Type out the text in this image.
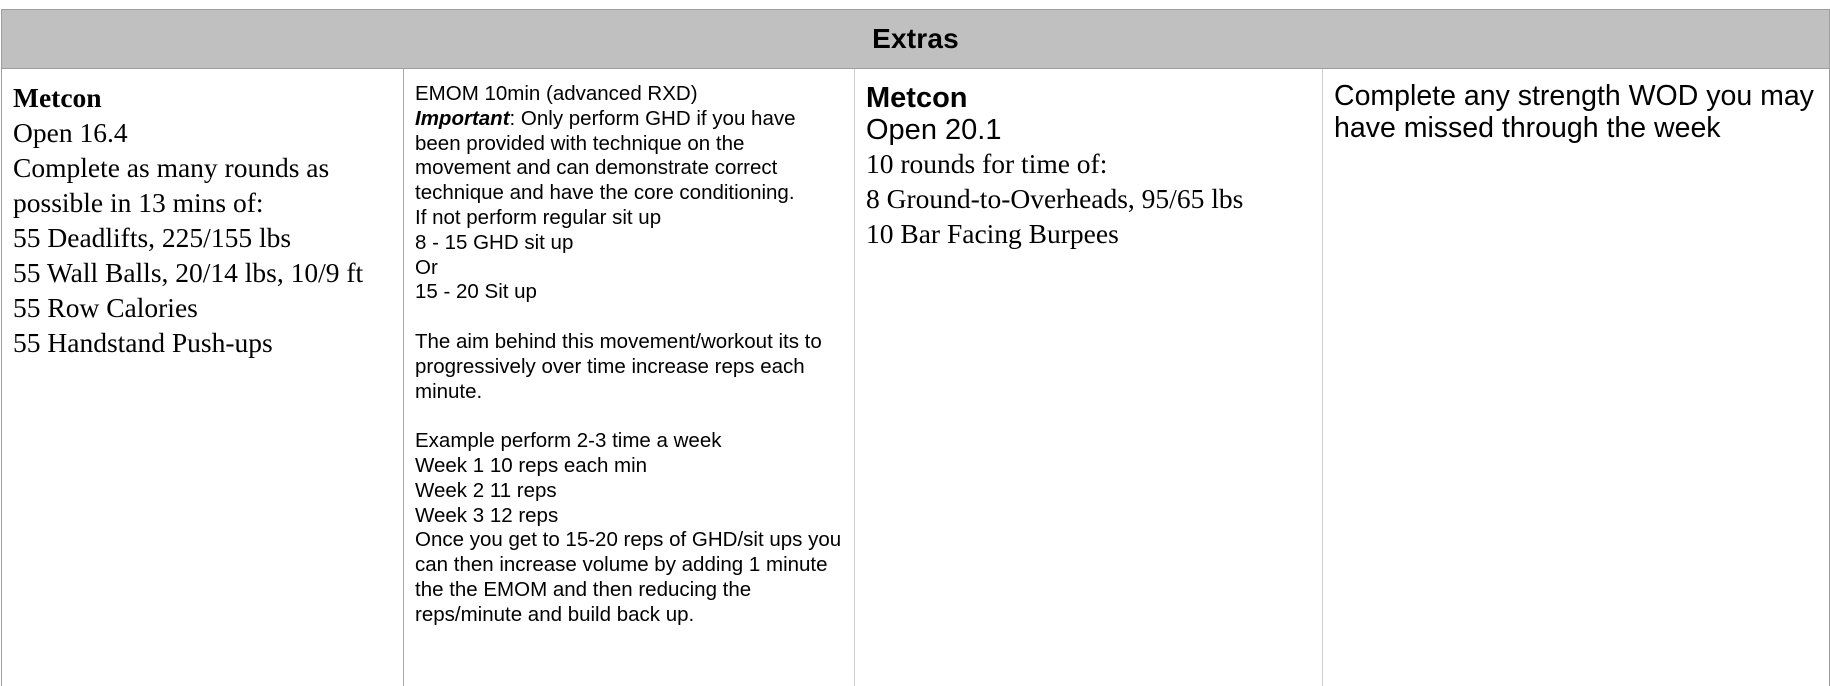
Extras
Metcon
Open 16.4
Complete as many rounds as possible in 13 mins of:
55 Deadlifts, 225/155 lbs
55 Wall Balls, 20/14 lbs, 10/9 ft
55 Row Calories
55 Handstand Push-ups
EMOM 10min (advanced RXD)
Important: Only perform GHD if you have been provided with technique on the movement and can demonstrate correct technique and have the core conditioning.
If not perform regular sit up
8 - 15 GHD sit up
Or
15 - 20 Sit up
The aim behind this movement/workout its to progressively over time increase reps each minute.
Example perform 2-3 time a week
Week 1 10 reps each min
Week 2 11 reps
Week 3 12 reps
Once you get to 15-20 reps of GHD/sit ups you can then increase volume by adding 1 minute the the EMOM and then reducing the reps/minute and build back up.
Metcon
Open 20.1
10 rounds for time of:
8 Ground-to-Overheads, 95/65 lbs
10 Bar Facing Burpees
Complete any strength WOD you may have missed through the week
